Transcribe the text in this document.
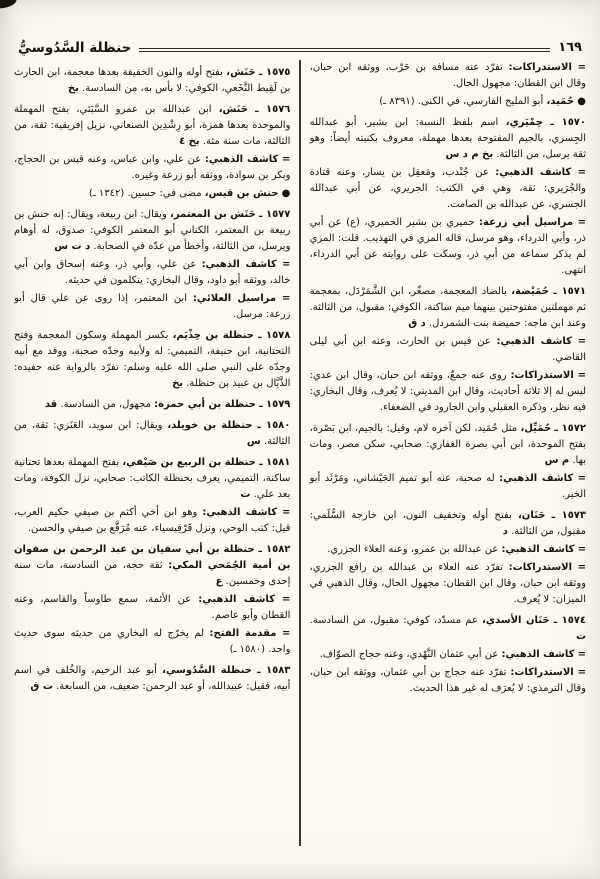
حنظلة السَّدُوسيُّ	١٦٩
= الاستدراكات: تفرّد عنه مسافة بن حَرْب، ووثقه ابن حبان، وقال ابن القطان: مجهول الحال.
● حُمَيد، أبو المليح الفارسي، في الكنى. (٨٣٩١ ـ)
١٥٧٠ ـ حِمْيَري، اسم بلفظ النسبة: ابن بشير، أبو عبدالله الجِسري، بالجيم المفتوحة بعدها مهملة، معروف بكنيته أيضاً: وهو ثقة يرسل، من الثالثة. بخ م د س
= كاشف الذهبي: عن جُنْدب، ومَعقِل بن يسار، وعنه قتادة والجُرَيري: ثقة، وهي في الكتب: الجريري، عن أبي عبدالله الجسري، عن عبدالله بن الصامت.
= مراسيل أبي زرعة: حميري بن بشير الحميري، (ع) عن أبي ذر، وأبي الدرداء، وهو مرسل، قاله المزي في التهذيب. قلت: المزي لم يذكر سماعه من أبي ذر، وسكت على روايته عن أبي الدرداء، انتهى.
١٥٧١ ـ حُمَيْضة، بالضاد المعجمة، مصغّر، ابن الشَّمَرْدَل، بمعجمة ثم مهملتين مفتوحتين بينهما ميم ساكنة، الكوفي: مقبول، من الثالثة. وعند ابن ماجه: حميضة بنت الشمردل. د ق
= كاشف الذهبي: عن قيس بن الحارث، وعنه ابن أبي ليلى القاضي.
= الاستدراكات: روى عنه جمعٌ، ووثقه ابن حبان، وقال ابن عدي: ليس له إلا ثلاثة أحاديث، وقال ابن المديني: لا يُعرف، وقال البخاري: فيه نظر، وذكره العقيلي وابن الجارود في الضعفاء.
١٥٧٢ ـ حُمَيِّل، مثل حُمَيد، لكن آخره لام، وقيل: بالجيم، ابن بَصْرة، بفتح الموحدة، ابن أبي بصرة الغفاري: صحابي، سكن مصر، ومات بها. م س
= كاشف الذهبي: له صحبة، عنه أبو تميم الجَيْشاني، ومَرْثَد أبو الخير.
١٥٧٣ ـ حَنَان، بفتح أوله وتخفيف النون، ابن خارجة السُّلَمي: مقبول، من الثالثة. د
= كاشف الذهبي: عن عبدالله بن عمرو، وعنه العلاء الجزري.
= الاستدراكات: تفرّد عنه العلاء بن عبدالله بن رافع الجزري، ووثقه ابن حبان، وقال ابن القطان: مجهول الحال، وقال الذهبي في الميزان: لا يُعرف.
١٥٧٤ ـ حَنَان الأسدي، عم مسدّد، كوفي: مقبول، من السادسة. ت
= كاشف الذهبي: عن أبي عثمان النَّهْدي، وعنه حجاج الصوّاف.
= الاستدراكات: تفرّد عنه حجاج بن أبي عثمان، ووثقه ابن حبان، وقال الترمذي: لا يُعرَف له غير هذا الحديث.
١٥٧٥ ـ حَنَش، بفتح أوله والنون الخفيفة بعدها معجمة، ابن الحارث بن لَقِيط النَّخَعي، الكوفي: لا بأس به، من السادسة. بخ
١٥٧٦ ـ حَنَش، ابن عبدالله بن عمرو السَّبَئي، بفتح المهملة والموحدة بعدها همزة، أبو رِشْدِين الصنعاني، نزيل إفريقية: ثقة، من الثالثة، مات سنة مئة. بخ ٤
= كاشف الذهبي: عن علي، وابن عباس، وعنه قيس بن الحجاج، وبكر بن سوادة، ووثقه أبو زرعة وغيره.
● حنش بن قيس، مضى في: حسين. (١٣٤٢ ـ)
١٥٧٧ ـ حَنَش بن المعتمر، ويقال: ابن ربيعة، ويقال: إنه حنش بن ربيعة بن المعتمر، الكناني أبو المعتمر الكوفي: صدوق، له أوهام ويرسل، من الثالثة، وأخطأ من عدّه في الصحابة. د ت س
= كاشف الذهبي: عن علي، وأبي ذر، وعنه إسحاق وابن أبي خالد، ووثقه أبو داود، وقال البخاري: يتكلمون في حديثه.
= مراسيل العلائي: ابن المعتمر، إذا روى عن علي قال أبو زرعة: مرسل.
١٥٧٨ ـ حنظلة بن حِذْيَم، بكسر المهملة وسكون المعجمة وفتح التحتانية، ابن حنيفة، التميمي: له ولأبيه وجدّه صحبة، ووفد مع أبيه وجدّه على النبي صلى الله عليه وسلم: تفرّد بالرواية عنه حفيده: الذَّيَّال بن عبيد بن حنظلة. بخ
١٥٧٩ ـ حنظلة بن أبي حمزة: مجهول، من السادسة. قد
١٥٨٠ ـ حنظلة بن خويلد، ويقال: ابن سويد، العَنَزي: ثقة، من الثالثة. س
١٥٨١ ـ حنظلة بن الربيع بن صَيْفي، بفتح المهملة بعدها تحتانية ساكنة، التميمي، يعرف بحنظلة الكاتب: صحابي، نزل الكوفة، ومات بعد علي. ت
= كاشف الذهبي: وهو ابن أخي أكثم بن صيفي حكيم العرب، قيل: كتب الوحي، ونزل قَرْقِيسياء، عنه مُرَقَّع بن صيفي والحسن.
١٥٨٢ ـ حنظلة بن أبي سفيان بن عبد الرحمن بن صفوان بن أمية الجُمَحي المكي: ثقة حجة، من السادسة، مات سنة إحدى وخمسين. ع
= كاشف الذهبي: عن الأئمة، سمع طاوساً والقاسم، وعنه القطان وأبو عاصم.
= مقدمة الفتح: لم يخرّج له البخاري من حديثه سوى حديث واحد. (١٥٨٠ ـ)
١٥٨٣ ـ حنظلة السَّدُوسي، أبو عبد الرحيم، والخُلف في اسم أبيه، فقيل: عبيدالله، أو عبد الرحمن: ضعيف، من السابعة. ت ق
